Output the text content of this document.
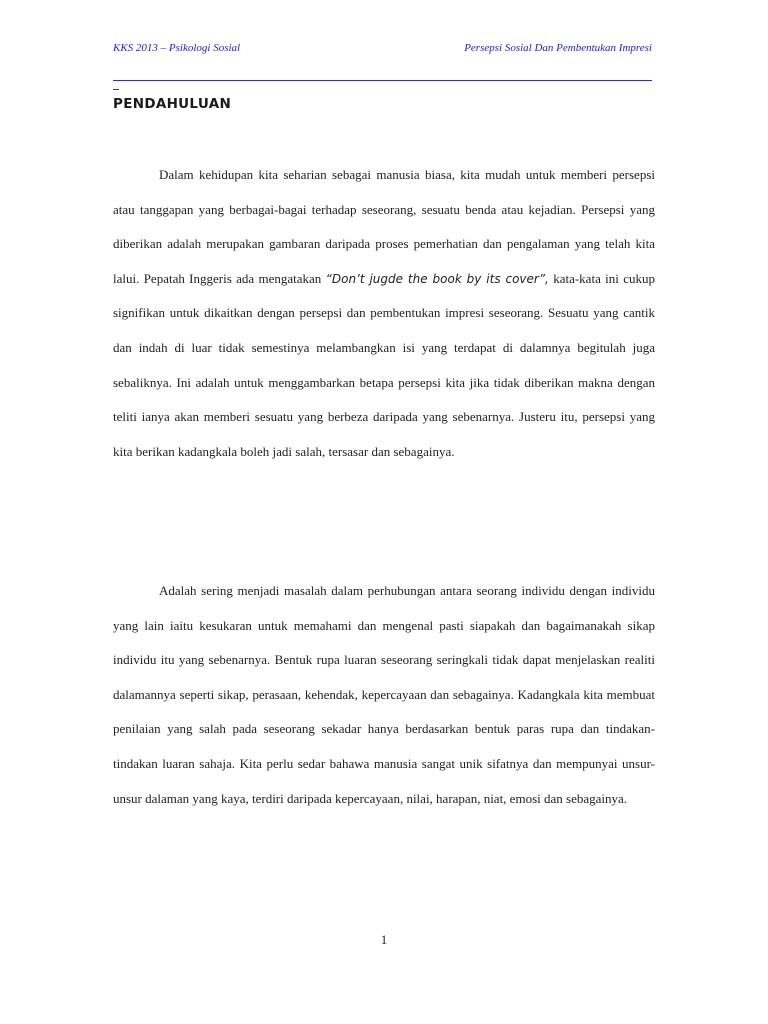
KKS 2013 – Psikologi Sosial	Persepsi Sosial Dan Pembentukan Impresi
PENDAHULUAN

Dalam kehidupan kita seharian sebagai manusia biasa, kita mudah untuk memberi persepsi atau tanggapan yang berbagai-bagai terhadap seseorang, sesuatu benda atau kejadian. Persepsi yang diberikan adalah merupakan gambaran daripada proses pemerhatian dan pengalaman yang telah kita lalui. Pepatah Inggeris ada mengatakan “Don’t jugde the book by its cover”, kata-kata ini cukup signifikan untuk dikaitkan dengan persepsi dan pembentukan impresi seseorang. Sesuatu yang cantik dan indah di luar tidak semestinya melambangkan isi yang terdapat di dalamnya begitulah juga sebaliknya. Ini adalah untuk menggambarkan betapa persepsi kita jika tidak diberikan makna dengan teliti ianya akan memberi sesuatu yang berbeza daripada yang sebenarnya. Justeru itu, persepsi yang kita berikan kadangkala boleh jadi salah, tersasar dan sebagainya.

Adalah sering menjadi masalah dalam perhubungan antara seorang individu dengan individu yang lain iaitu kesukaran untuk memahami dan mengenal pasti siapakah dan bagaimanakah sikap individu itu yang sebenarnya. Bentuk rupa luaran seseorang seringkali tidak dapat menjelaskan realiti dalamannya seperti sikap, perasaan, kehendak, kepercayaan dan sebagainya. Kadangkala kita membuat penilaian yang salah pada seseorang sekadar hanya berdasarkan bentuk paras rupa dan tindakan-tindakan luaran sahaja. Kita perlu sedar bahawa manusia sangat unik sifatnya dan mempunyai unsur-unsur dalaman yang kaya, terdiri daripada kepercayaan, nilai, harapan, niat, emosi dan sebagainya.

1
